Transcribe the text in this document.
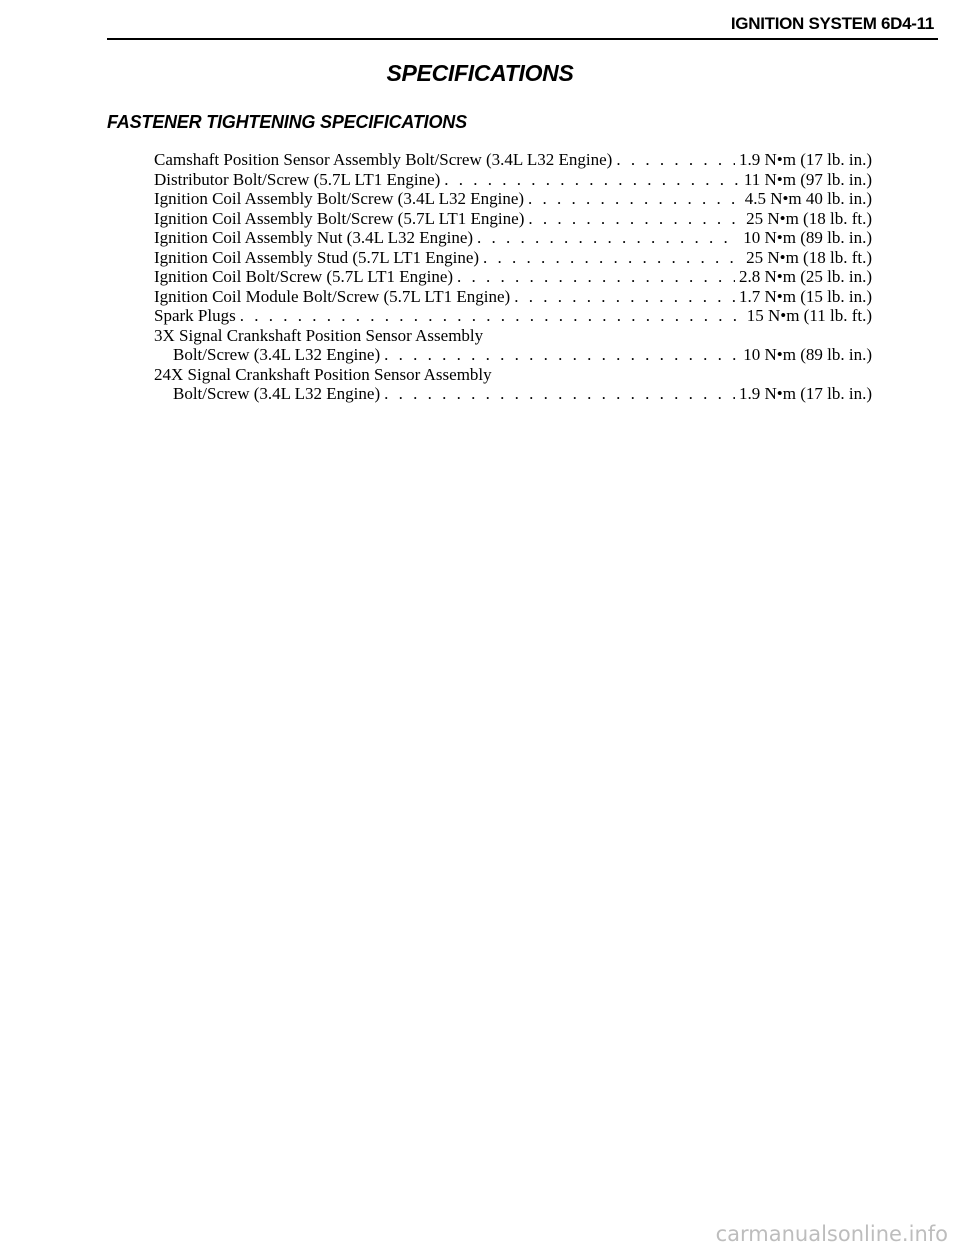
IGNITION SYSTEM 6D4-11
SPECIFICATIONS
FASTENER TIGHTENING SPECIFICATIONS
Camshaft Position Sensor Assembly Bolt/Screw (3.4L L32 Engine) . . .	1.9 N•m (17 lb. in.)
Distributor Bolt/Screw (5.7L LT1 Engine) . . .	11 N•m (97 lb. in.)
Ignition Coil Assembly Bolt/Screw (3.4L L32 Engine) . . .	4.5 N•m 40 lb. in.)
Ignition Coil Assembly Bolt/Screw (5.7L LT1 Engine) . . .	25 N•m (18 lb. ft.)
Ignition Coil Assembly Nut (3.4L L32 Engine) . . .	10 N•m (89 lb. in.)
Ignition Coil Assembly Stud (5.7L LT1 Engine) . . .	25 N•m (18 lb. ft.)
Ignition Coil Bolt/Screw (5.7L LT1 Engine) . . .	2.8 N•m (25 lb. in.)
Ignition Coil Module Bolt/Screw (5.7L LT1 Engine) . . .	1.7 N•m (15 lb. in.)
Spark Plugs . . .	15 N•m (11 lb. ft.)
3X Signal Crankshaft Position Sensor Assembly
Bolt/Screw (3.4L L32 Engine) . . .	10 N•m (89 lb. in.)
24X Signal Crankshaft Position Sensor Assembly
Bolt/Screw (3.4L L32 Engine) . . .	1.9 N•m (17 lb. in.)
carmanualsonline.info
